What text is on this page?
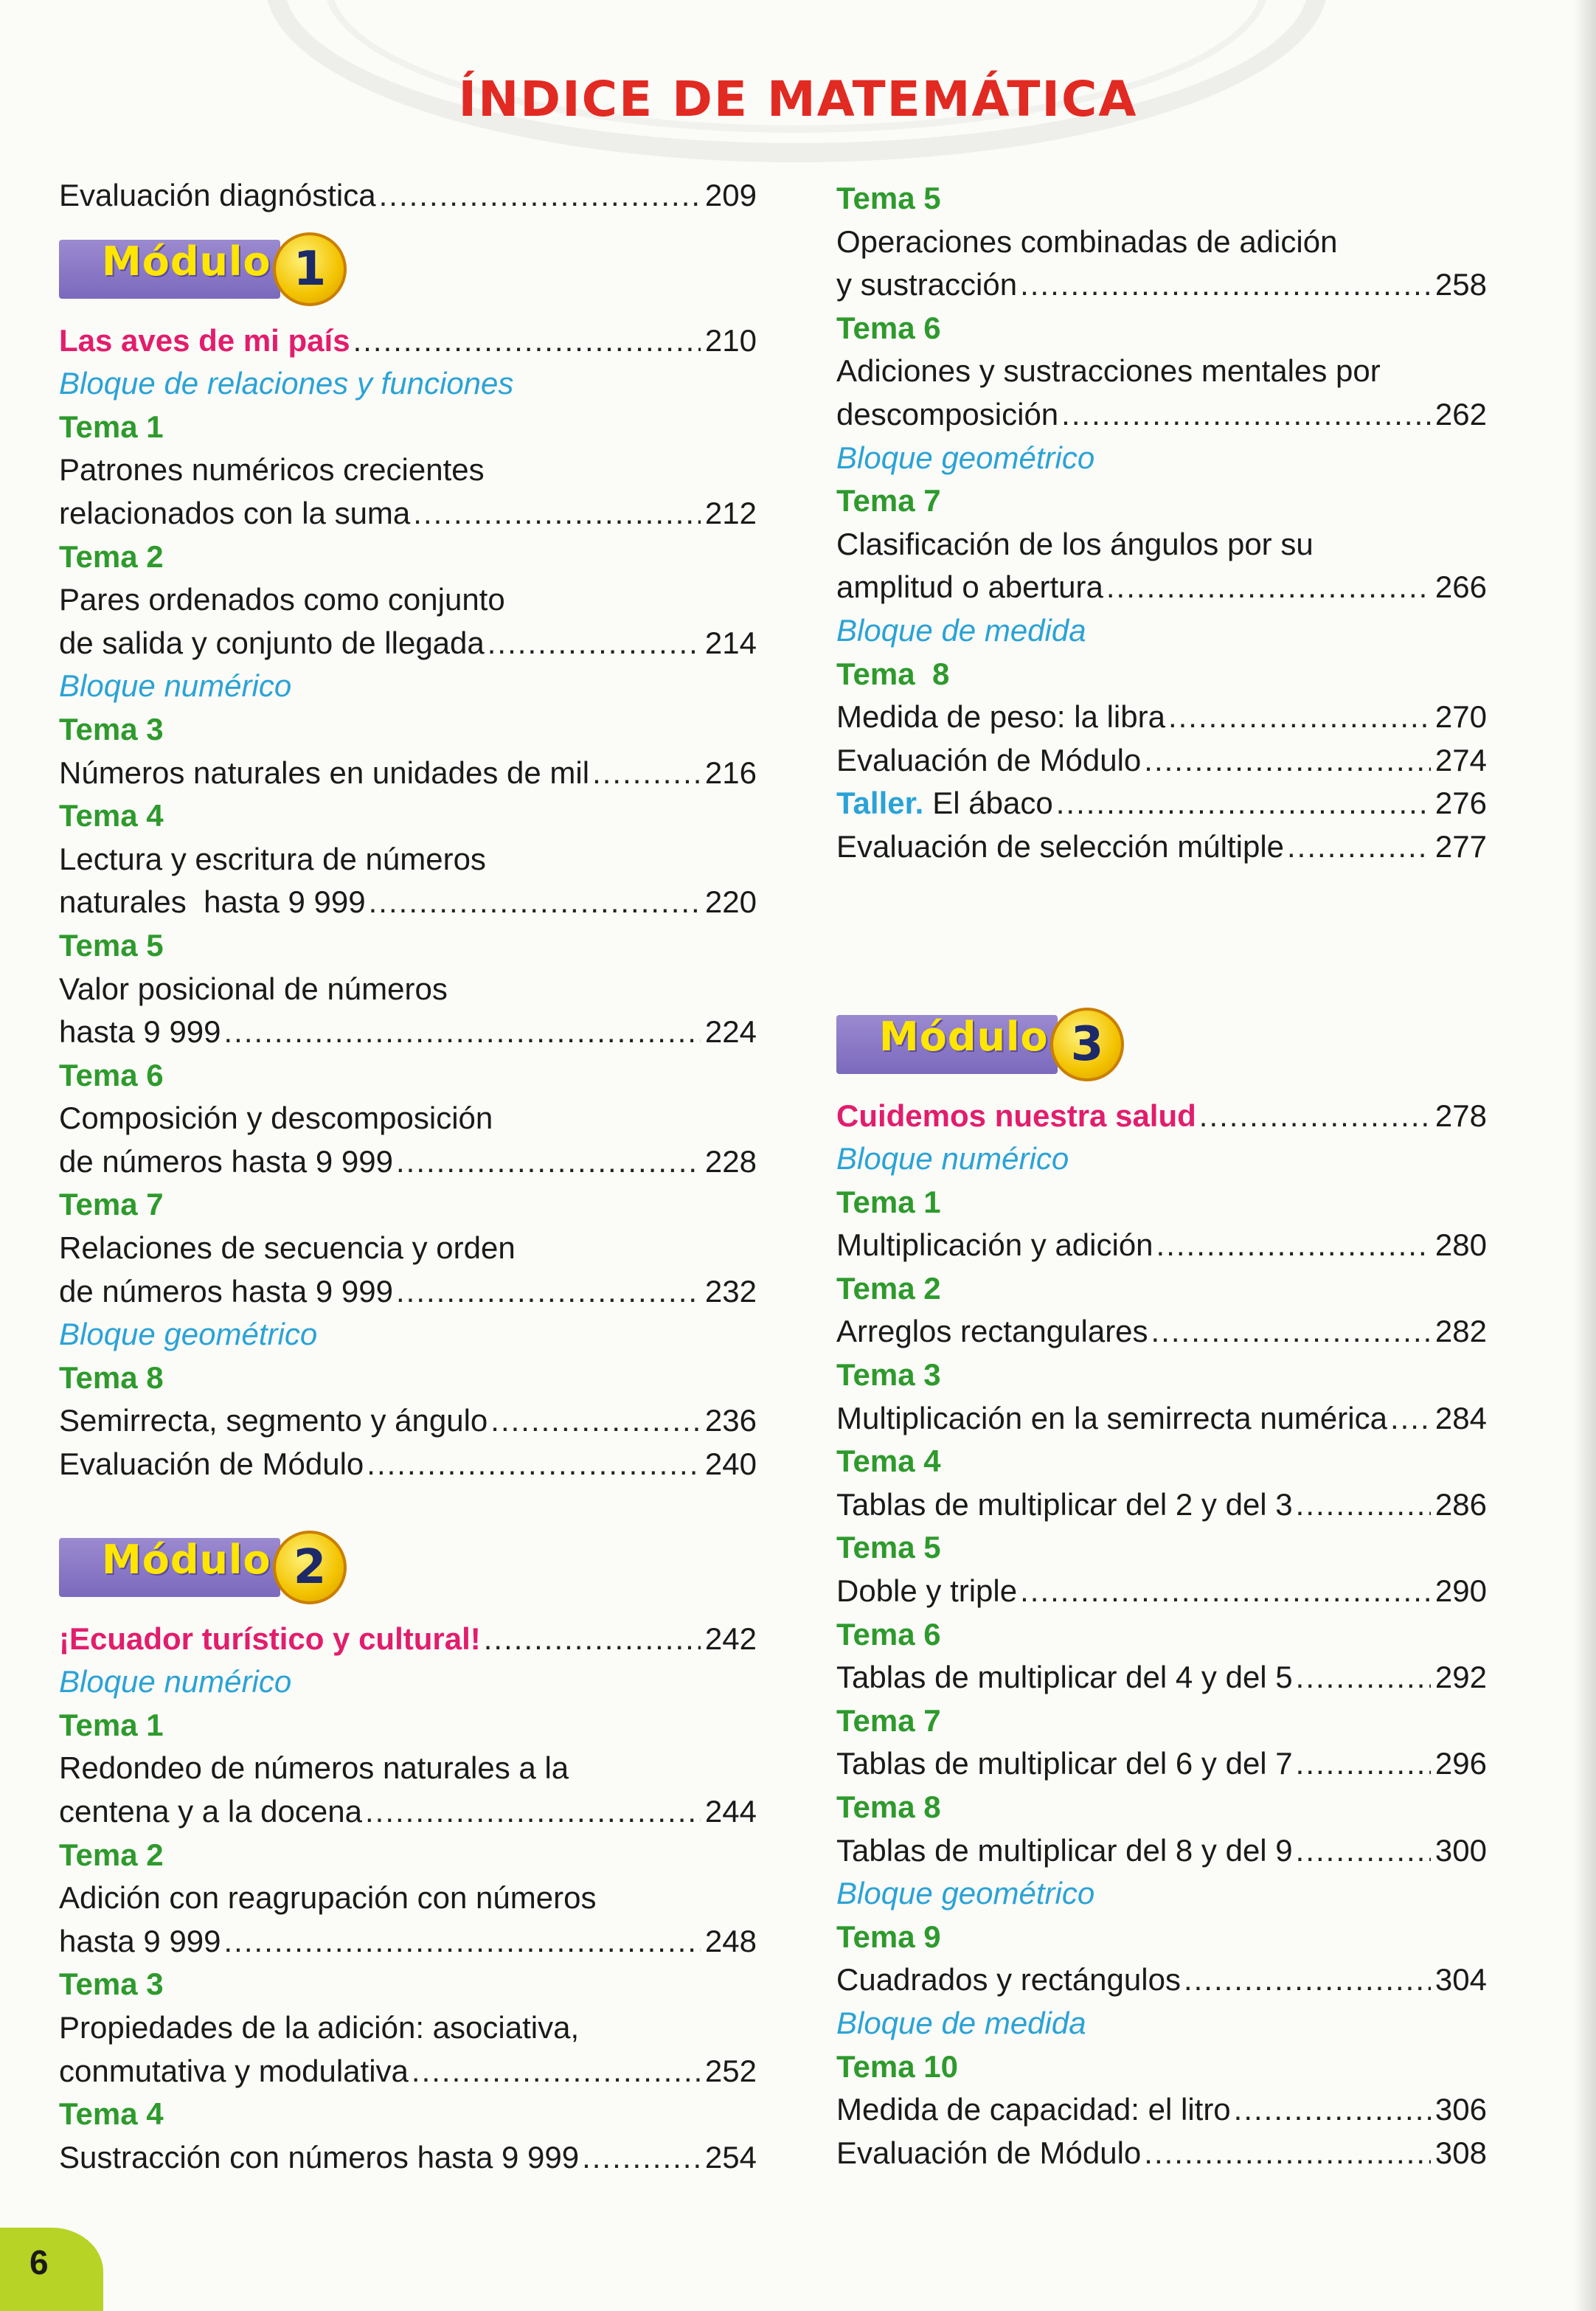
ÍNDICE DE MATEMÁTICA
Evaluación diagnóstica .....	209
Módulo 1
Las aves de mi país .....	210
Bloque de relaciones y funciones
Tema 1
Patrones numéricos crecientes
relacionados con la suma .....	212
Tema 2
Pares ordenados como conjunto
de salida y conjunto de llegada .....	214
Bloque numérico
Tema 3
Números naturales en unidades de mil .....	216
Tema 4
Lectura y escritura de números
naturales  hasta 9 999 .....	220
Tema 5
Valor posicional de números
hasta 9 999 .....	224
Tema 6
Composición y descomposición
de números hasta 9 999 .....	228
Tema 7
Relaciones de secuencia y orden
de números hasta 9 999 .....	232
Bloque geométrico
Tema 8
Semirrecta, segmento y ángulo .....	236
Evaluación de Módulo .....	240
Módulo 2
¡Ecuador turístico y cultural! .....	242
Bloque numérico
Tema 1
Redondeo de números naturales a la
centena y a la docena .....	244
Tema 2
Adición con reagrupación con números
hasta 9 999 .....	248
Tema 3
Propiedades de la adición: asociativa,
conmutativa y modulativa .....	252
Tema 4
Sustracción con números hasta 9 999 .....	254
Tema 5
Operaciones combinadas de adición
y sustracción .....	258
Tema 6
Adiciones y sustracciones mentales por
descomposición .....	262
Bloque geométrico
Tema 7
Clasificación de los ángulos por su
amplitud o abertura .....	266
Bloque de medida
Tema  8
Medida de peso: la libra .....	270
Evaluación de Módulo .....	274
Taller. El ábaco .....	276
Evaluación de selección múltiple .....	277
Módulo 3
Cuidemos nuestra salud .....	278
Bloque numérico
Tema 1
Multiplicación y adición .....	280
Tema 2
Arreglos rectangulares .....	282
Tema 3
Multiplicación en la semirrecta numérica ..... 284
Tema 4
Tablas de multiplicar del 2 y del 3 .....	286
Tema 5
Doble y triple .....	290
Tema 6
Tablas de multiplicar del 4 y del 5 .....	292
Tema 7
Tablas de multiplicar del 6 y del 7 .....	296
Tema 8
Tablas de multiplicar del 8 y del 9 .....	300
Bloque geométrico
Tema 9
Cuadrados y rectángulos .....	304
Bloque de medida
Tema 10
Medida de capacidad: el litro .....	306
Evaluación de Módulo .....	308
6
